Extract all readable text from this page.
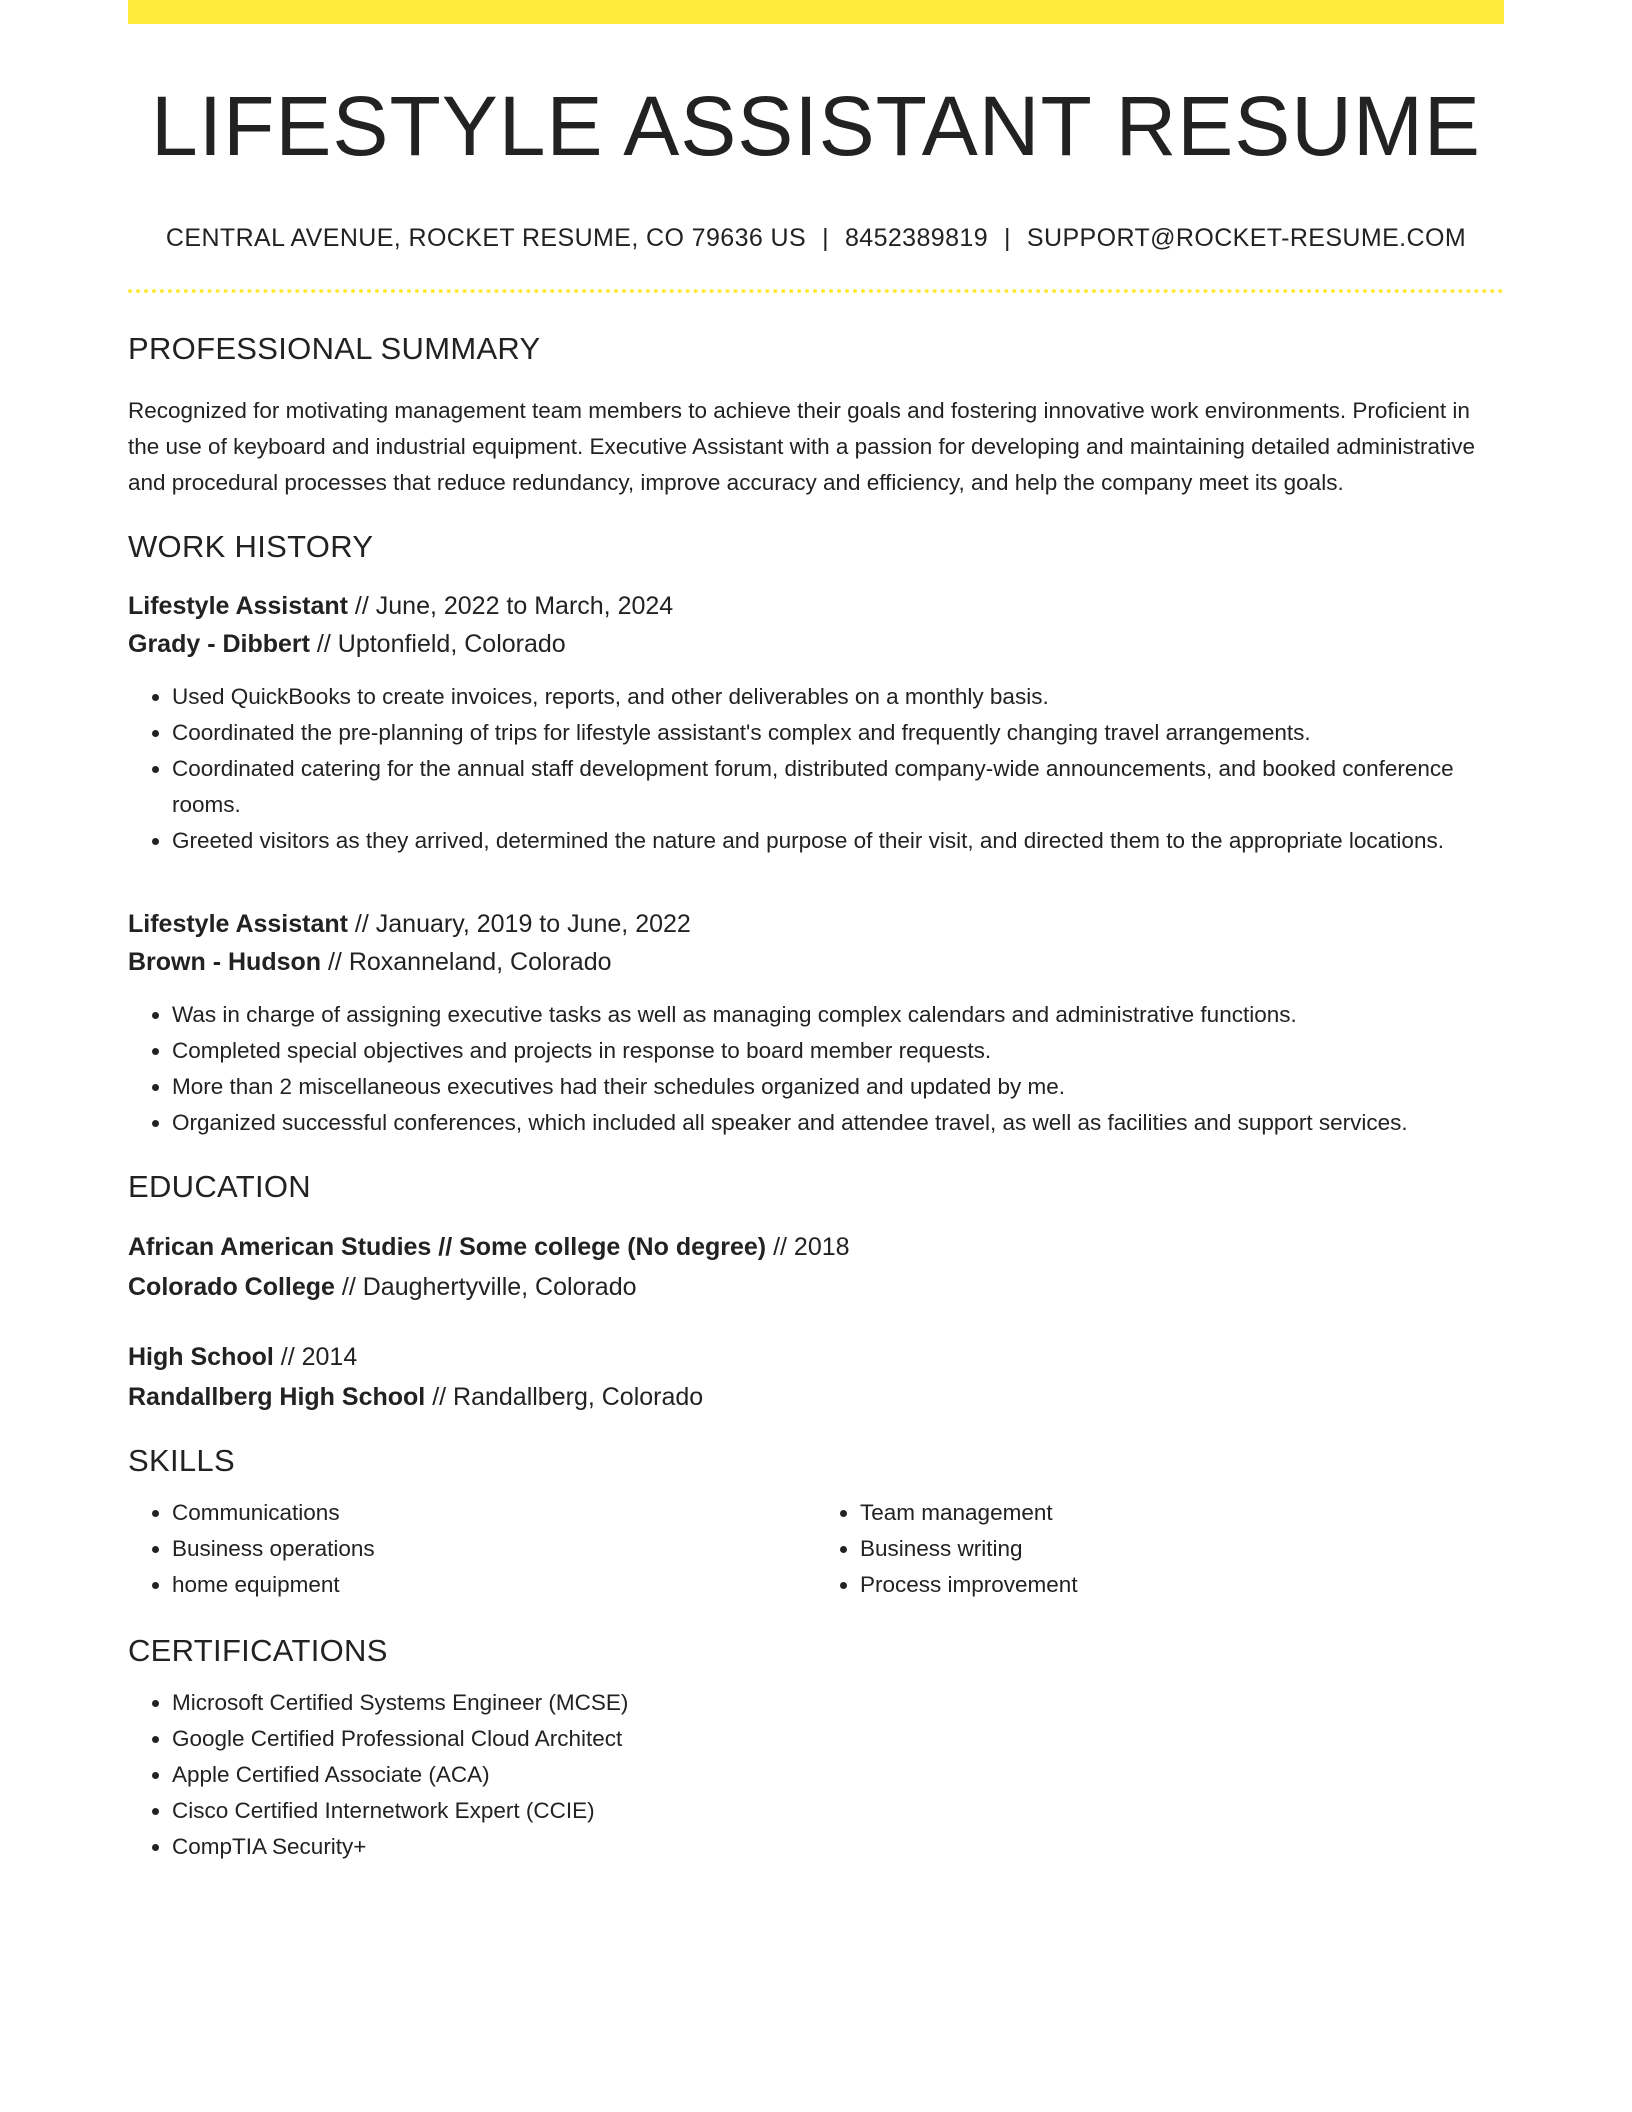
LIFESTYLE ASSISTANT RESUME
CENTRAL AVENUE, ROCKET RESUME, CO 79636 US | 8452389819 | SUPPORT@ROCKET-RESUME.COM
PROFESSIONAL SUMMARY
Recognized for motivating management team members to achieve their goals and fostering innovative work environments. Proficient in the use of keyboard and industrial equipment. Executive Assistant with a passion for developing and maintaining detailed administrative and procedural processes that reduce redundancy, improve accuracy and efficiency, and help the company meet its goals.
WORK HISTORY
Lifestyle Assistant // June, 2022 to March, 2024
Grady - Dibbert // Uptonfield, Colorado
• Used QuickBooks to create invoices, reports, and other deliverables on a monthly basis.
• Coordinated the pre-planning of trips for lifestyle assistant's complex and frequently changing travel arrangements.
• Coordinated catering for the annual staff development forum, distributed company-wide announcements, and booked conference rooms.
• Greeted visitors as they arrived, determined the nature and purpose of their visit, and directed them to the appropriate locations.
Lifestyle Assistant // January, 2019 to June, 2022
Brown - Hudson // Roxanneland, Colorado
• Was in charge of assigning executive tasks as well as managing complex calendars and administrative functions.
• Completed special objectives and projects in response to board member requests.
• More than 2 miscellaneous executives had their schedules organized and updated by me.
• Organized successful conferences, which included all speaker and attendee travel, as well as facilities and support services.
EDUCATION
African American Studies // Some college (No degree) // 2018
Colorado College // Daughertyville, Colorado
High School // 2014
Randallberg High School // Randallberg, Colorado
SKILLS
• Communications
• Business operations
• home equipment
• Team management
• Business writing
• Process improvement
CERTIFICATIONS
• Microsoft Certified Systems Engineer (MCSE)
• Google Certified Professional Cloud Architect
• Apple Certified Associate (ACA)
• Cisco Certified Internetwork Expert (CCIE)
• CompTIA Security+
